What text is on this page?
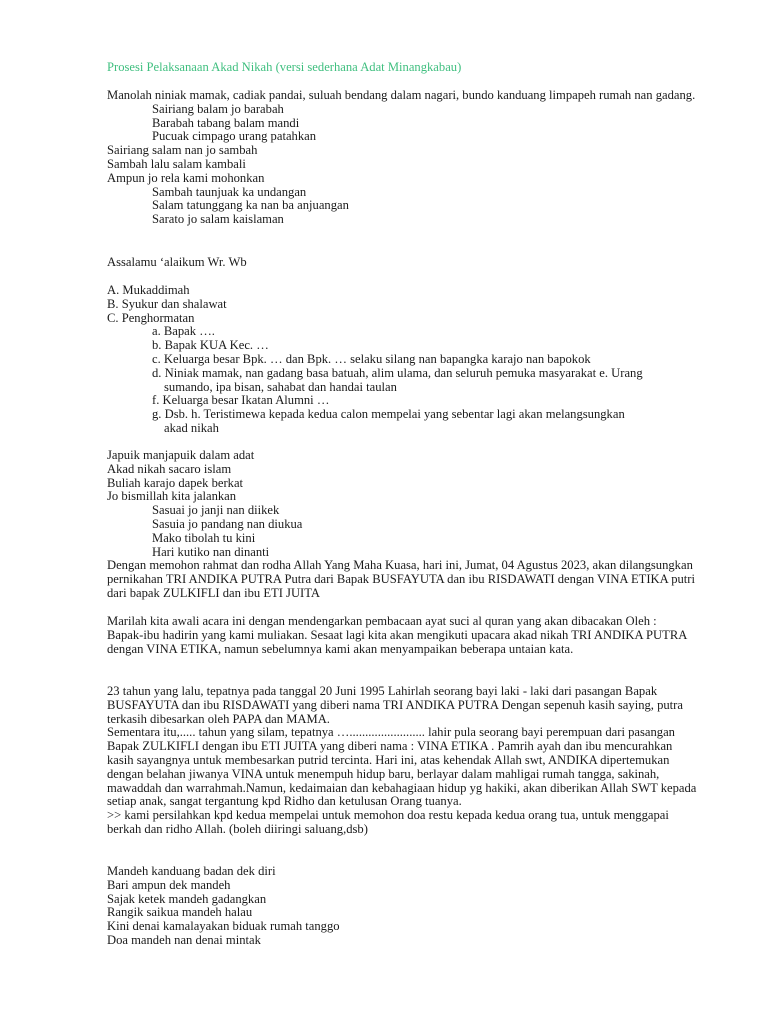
Prosesi Pelaksanaan Akad Nikah (versi sederhana Adat Minangkabau)
Manolah niniak mamak, cadiak pandai, suluah bendang dalam nagari, bundo kanduang limpapeh rumah nan gadang.
Sairiang balam jo barabah
Barabah tabang balam mandi
Pucuak cimpago urang patahkan
Sairiang salam nan jo sambah
Sambah lalu salam kambali
Ampun jo rela kami mohonkan
Sambah taunjuak ka undangan
Salam tatunggang ka nan ba anjuangan
Sarato jo salam kaislaman
Assalamu ‘alaikum Wr. Wb
A. Mukaddimah
B. Syukur dan shalawat
C. Penghormatan
a. Bapak ….
b. Bapak KUA Kec. …
c. Keluarga besar Bpk. … dan Bpk. … selaku silang nan bapangka karajo nan bapokok
d. Niniak mamak, nan gadang basa batuah, alim ulama, dan seluruh pemuka masyarakat e. Urang
sumando, ipa bisan, sahabat dan handai taulan
f. Keluarga besar Ikatan Alumni …
g. Dsb. h. Teristimewa kepada kedua calon mempelai yang sebentar lagi akan melangsungkan
akad nikah
Japuik manjapuik dalam adat
Akad nikah sacaro islam
Buliah karajo dapek berkat
Jo bismillah kita jalankan
Sasuai jo janji nan diikek
Sasuia jo pandang nan diukua
Mako tibolah tu kini
Hari kutiko nan dinanti
Dengan memohon rahmat dan rodha Allah Yang Maha Kuasa, hari ini, Jumat, 04 Agustus 2023, akan dilangsungkan pernikahan TRI ANDIKA PUTRA Putra dari Bapak BUSFAYUTA dan ibu RISDAWATI dengan VINA ETIKA putri dari bapak ZULKIFLI dan ibu ETI JUITA
Marilah kita awali acara ini dengan mendengarkan pembacaan ayat suci al quran yang akan dibacakan Oleh :
Bapak-ibu hadirin yang kami muliakan. Sesaat lagi kita akan mengikuti upacara akad nikah TRI ANDIKA PUTRA dengan VINA ETIKA, namun sebelumnya kami akan menyampaikan beberapa untaian kata.
23 tahun yang lalu, tepatnya pada tanggal 20 Juni 1995 Lahirlah seorang bayi laki - laki dari pasangan Bapak BUSFAYUTA dan ibu RISDAWATI yang diberi nama TRI ANDIKA PUTRA Dengan sepenuh kasih saying, putra terkasih dibesarkan oleh PAPA dan MAMA.
Sementara itu,..... tahun yang silam, tepatnya …........................ lahir pula seorang bayi perempuan dari pasangan Bapak ZULKIFLI dengan ibu ETI JUITA yang diberi nama : VINA ETIKA . Pamrih ayah dan ibu mencurahkan kasih sayangnya untuk membesarkan putrid tercinta. Hari ini, atas kehendak Allah swt, ANDIKA dipertemukan dengan belahan jiwanya VINA untuk menempuh hidup baru, berlayar dalam mahligai rumah tangga, sakinah, mawaddah dan warrahmah.Namun, kedaimaian dan kebahagiaan hidup yg hakiki, akan diberikan Allah SWT kepada setiap anak, sangat tergantung kpd Ridho dan ketulusan Orang tuanya.
>> kami persilahkan kpd kedua mempelai untuk memohon doa restu kepada kedua orang tua, untuk menggapai berkah dan ridho Allah. (boleh diiringi saluang,dsb)
Mandeh kanduang badan dek diri
Bari ampun dek mandeh
Sajak ketek mandeh gadangkan
Rangik saikua mandeh halau
Kini denai kamalayakan biduak rumah tanggo
Doa mandeh nan denai mintak
